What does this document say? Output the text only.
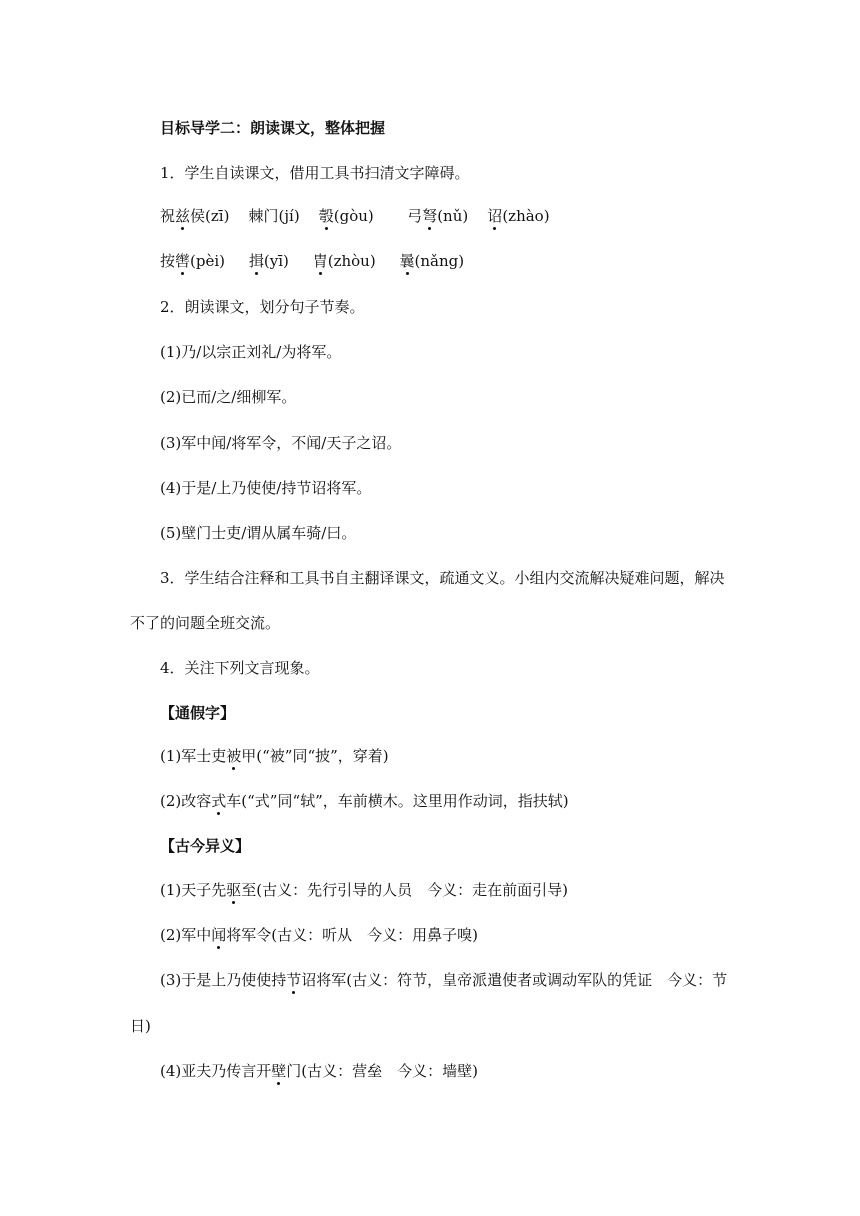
目标导学二：朗读课文，整体把握
1．学生自读课文，借用工具书扫清文字障碍。
祝兹侯(zī) 棘门(jí) 彀(gòu) 弓弩(nǔ) 诏(zhào)
按辔(pèi) 揖(yī) 胄(zhòu) 曩(nǎng)
2．朗读课文，划分句子节奏。
(1)乃/以宗正刘礼/为将军。
(2)已而/之/细柳军。
(3)军中闻/将军令，不闻/天子之诏。
(4)于是/上乃使使/持节诏将军。
(5)壁门士吏/谓从属车骑/曰。
3．学生结合注释和工具书自主翻译课文，疏通文义。小组内交流解决疑难问题，解决
不了的问题全班交流。
4．关注下列文言现象。
【通假字】
(1)军士吏被甲(“被”同“披”，穿着)
(2)改容式车(“式”同“轼”，车前横木。这里用作动词，指扶轼)
【古今异义】
(1)天子先驱至(古义：先行引导的人员　今义：走在前面引导)
(2)军中闻将军令(古义：听从　今义：用鼻子嗅)
(3)于是上乃使使持节诏将军(古义：符节，皇帝派遣使者或调动军队的凭证　今义：节
日)
(4)亚夫乃传言开壁门(古义：营垒　今义：墙壁)
